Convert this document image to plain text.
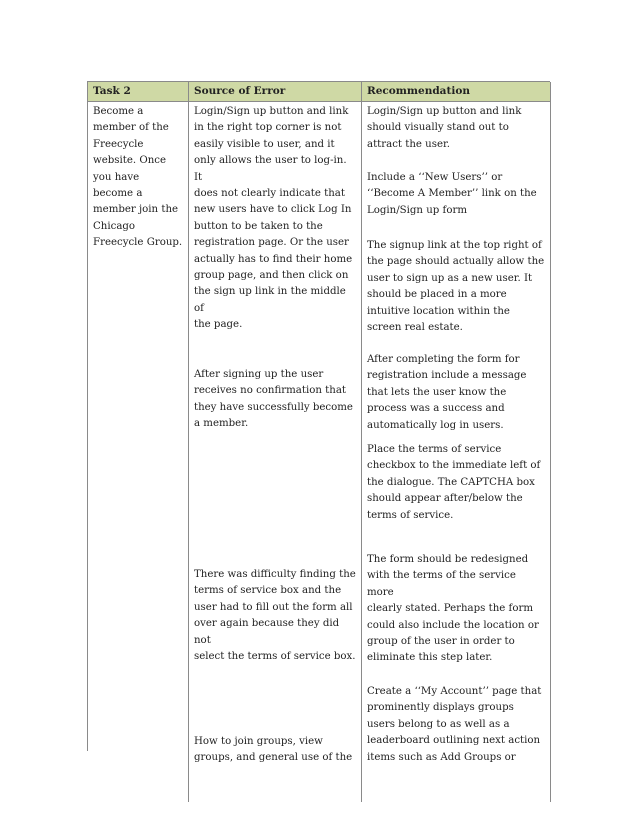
Task 2	Source of Error	Recommendation

Become a
member of the
Freecycle
website. Once
you have
become a
member join the
Chicago
Freecycle Group.

Login/Sign up button and link
in the right top corner is not
easily visible to user, and it
only allows the user to log-in. It
does not clearly indicate that
new users have to click Log In
button to be taken to the
registration page. Or the user
actually has to find their home
group page, and then click on
the sign up link in the middle of
the page.

After signing up the user
receives no confirmation that
they have successfully become
a member.

There was difficulty finding the
terms of service box and the
user had to fill out the form all
over again because they did not
select the terms of service box.

How to join groups, view
groups, and general use of the

Login/Sign up button and link
should visually stand out to
attract the user.

Include a ‘‘New Users’’ or
‘‘Become A Member’’ link on the
Login/Sign up form

The signup link at the top right of
the page should actually allow the
user to sign up as a new user. It
should be placed in a more
intuitive location within the
screen real estate.

After completing the form for
registration include a message
that lets the user know the
process was a success and
automatically log in users.

Place the terms of service
checkbox to the immediate left of
the dialogue. The CAPTCHA box
should appear after/below the
terms of service.

The form should be redesigned
with the terms of the service more
clearly stated. Perhaps the form
could also include the location or
group of the user in order to
eliminate this step later.

Create a ‘‘My Account’’ page that
prominently displays groups
users belong to as well as a
leaderboard outlining next action
items such as Add Groups or
